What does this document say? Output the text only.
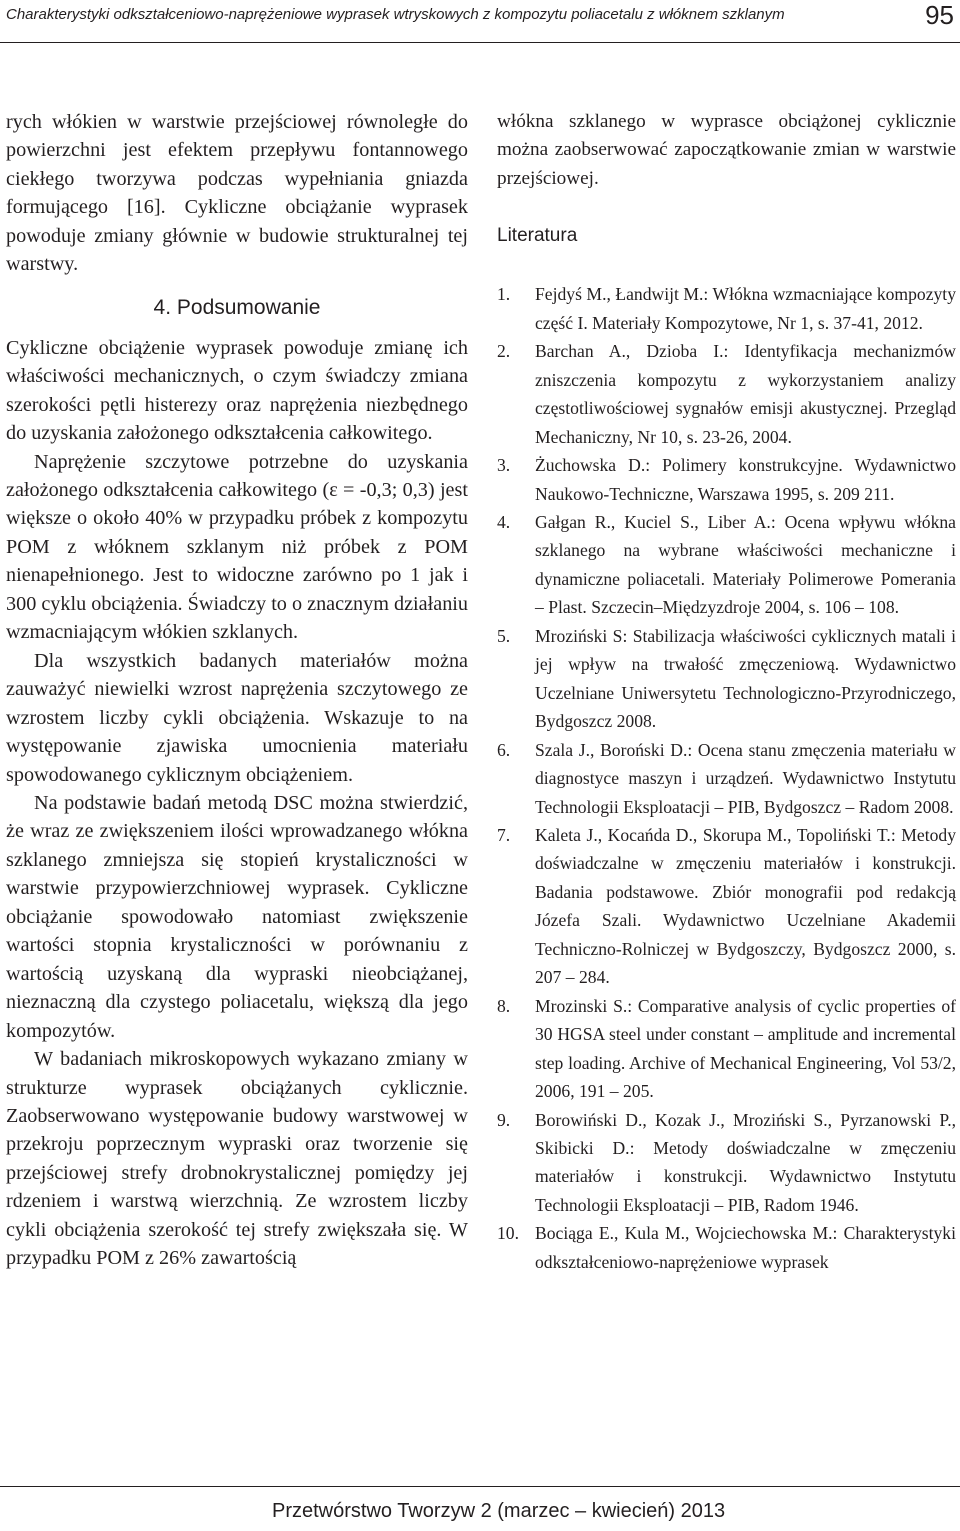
Charakterystyki odkształceniowo-naprężeniowe wyprasek wtryskowych z kompozytu poliacetalu z włóknem szklanym	95

rych włókien w warstwie przejściowej równoległe do powierzchni jest efektem przepływu fontannowego ciekłego tworzywa podczas wypełniania gniazda formującego [16]. Cykliczne obciążanie wyprasek powoduje zmiany głównie w budowie strukturalnej tej warstwy.

4. Podsumowanie

Cykliczne obciążenie wyprasek powoduje zmianę ich właściwości mechanicznych, o czym świadczy zmiana szerokości pętli histerezy oraz naprężenia niezbędnego do uzyskania założonego odkształcenia całkowitego.

Naprężenie szczytowe potrzebne do uzyskania założonego odkształcenia całkowitego (ε = -0,3; 0,3) jest większe o około 40% w przypadku próbek z kompozytu POM z włóknem szklanym niż próbek z POM nienapełnionego. Jest to widoczne zarówno po 1 jak i 300 cyklu obciążenia. Świadczy to o znacznym działaniu wzmacniającym włókien szklanych.

Dla wszystkich badanych materiałów można zauważyć niewielki wzrost naprężenia szczytowego ze wzrostem liczby cykli obciążenia. Wskazuje to na występowanie zjawiska umocnienia materiału spowodowanego cyklicznym obciążeniem.

Na podstawie badań metodą DSC można stwierdzić, że wraz ze zwiększeniem ilości wprowadzanego włókna szklanego zmniejsza się stopień krystaliczności w warstwie przypowierzchniowej wyprasek. Cykliczne obciążanie spowodowało natomiast zwiększenie wartości stopnia krystaliczności w porównaniu z wartością uzyskaną dla wypraski nieobciążanej, nieznaczną dla czystego poliacetalu, większą dla jego kompozytów.

W badaniach mikroskopowych wykazano zmiany w strukturze wyprasek obciążanych cyklicznie. Zaobserwowano występowanie budowy warstwowej w przekroju poprzecznym wypraski oraz tworzenie się przejściowej strefy drobnokrystalicznej pomiędzy jej rdzeniem i warstwą wierzchnią. Ze wzrostem liczby cykli obciążenia szerokość tej strefy zwiększała się. W przypadku POM z 26% zawartością

włókna szklanego w wyprasce obciążonej cyklicznie można zaobserwować zapoczątkowanie zmian w warstwie przejściowej.

Literatura
1. Fejdyś M., Ł​andwijt M.: Włókna wzmacniające kompozyty część I. Materiały Kompozytowe, Nr 1, s. 37-41, 2012.
2. Barchan A., Dzioba I.: Identyfikacja mechanizmów zniszczenia kompozytu z wykorzystaniem analizy częstotliwościowej sygnałów emisji akustycznej. Przegląd Mechaniczny, Nr 10, s. 23-26, 2004.
3. Żuchowska D.: Polimery konstrukcyjne. Wydawnictwo Naukowo-Techniczne, Warszawa 1995, s. 209 211.
4. Gałgan R., Kuciel S., Liber A.: Ocena wpływu włókna szklanego na wybrane właściwości mechaniczne i dynamiczne poliacetali. Materiały Polimerowe Pomerania – Plast. Szczecin–Międzyzdroje 2004, s. 106 – 108.
5. Mroziński S: Stabilizacja właściwości cyklicznych matali i jej wpływ na trwałość zmęczeniową. Wydawnictwo Uczelniane Uniwersytetu Technologiczno-Przyrodniczego, Bydgoszcz 2008.
6. Szala J., Boroński D.: Ocena stanu zmęczenia materiału w diagnostyce maszyn i urządzeń. Wydawnictwo Instytutu Technologii Eksploatacji – PIB, Bydgoszcz – Radom 2008.
7. Kaleta J., Kocańda D., Skorupa M., Topoliński T.: Metody doświadczalne w zmęczeniu materiałów i konstrukcji. Badania podstawowe. Zbiór monografii pod redakcją Józefa Szali. Wydawnictwo Uczelniane Akademii Techniczno-Rolniczej w Bydgoszczy, Bydgoszcz 2000, s. 207 – 284.
8. Mrozinski S.: Comparative analysis of cyclic properties of 30 HGSA steel under constant – amplitude and incremental step loading. Archive of Mechanical Engineering, Vol 53/2, 2006, 191 – 205.
9. Borowiński D., Kozak J., Mroziński S., Pyrzanowski P., Skibicki D.: Metody doświadczalne w zmęczeniu materiałów i konstrukcji. Wydawnictwo Instytutu Technologii Eksploatacji – PIB, Radom 1946.
10. Bociąga E., Kula M., Wojciechowska M.: Charakterystyki odkształceniowo-naprężeniowe wyprasek
Przetwórstwo Tworzyw 2 (marzec – kwiecień) 2013
